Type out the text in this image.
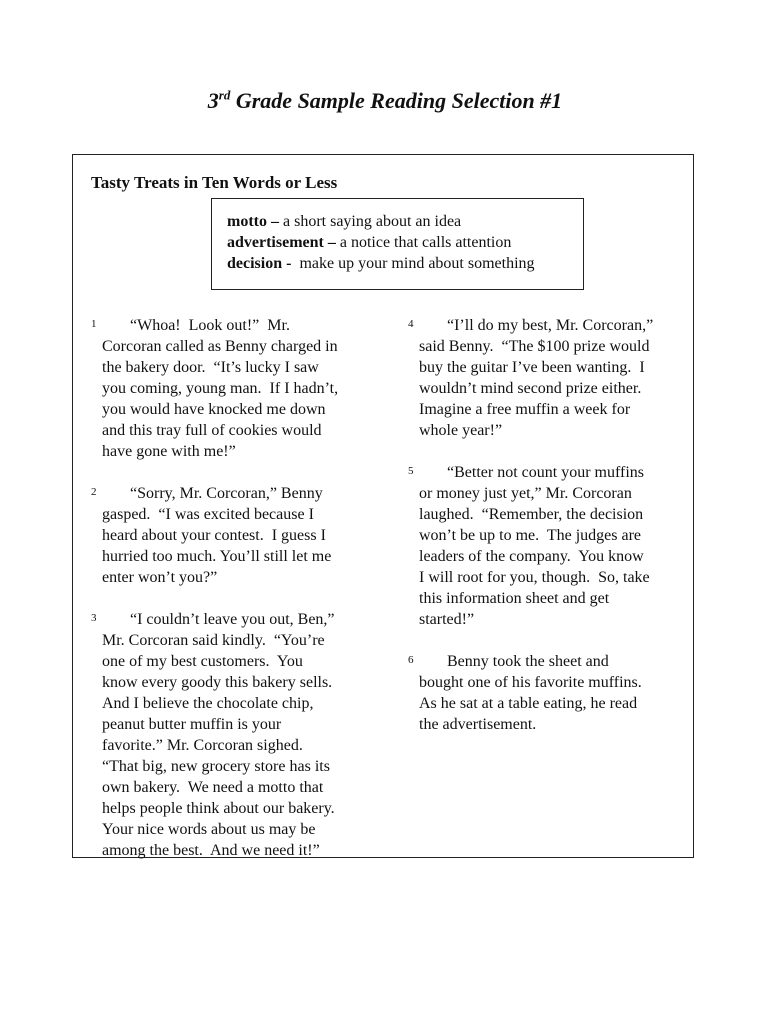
3rd Grade Sample Reading Selection #1
Tasty Treats in Ten Words or Less
motto – a short saying about an idea
advertisement – a notice that calls attention
decision -  make up your mind about something
1	“Whoa!  Look out!”  Mr.
Corcoran called as Benny charged in
the bakery door.  “It’s lucky I saw
you coming, young man.  If I hadn’t,
you would have knocked me down
and this tray full of cookies would
have gone with me!”
2	“Sorry, Mr. Corcoran,” Benny
gasped.  “I was excited because I
heard about your contest.  I guess I
hurried too much. You’ll still let me
enter won’t you?”
3	“I couldn’t leave you out, Ben,”
Mr. Corcoran said kindly.  “You’re
one of my best customers.  You
know every goody this bakery sells.
And I believe the chocolate chip,
peanut butter muffin is your
favorite.” Mr. Corcoran sighed.
“That big, new grocery store has its
own bakery.  We need a motto that
helps people think about our bakery.
Your nice words about us may be
among the best.  And we need it!”
4	“I’ll do my best, Mr. Corcoran,”
said Benny.  “The $100 prize would
buy the guitar I’ve been wanting.  I
wouldn’t mind second prize either.
Imagine a free muffin a week for
whole year!”
5	“Better not count your muffins
or money just yet,” Mr. Corcoran
laughed.  “Remember, the decision
won’t be up to me.  The judges are
leaders of the company.  You know
I will root for you, though.  So, take
this information sheet and get
started!”
6	Benny took the sheet and
bought one of his favorite muffins.
As he sat at a table eating, he read
the advertisement.
